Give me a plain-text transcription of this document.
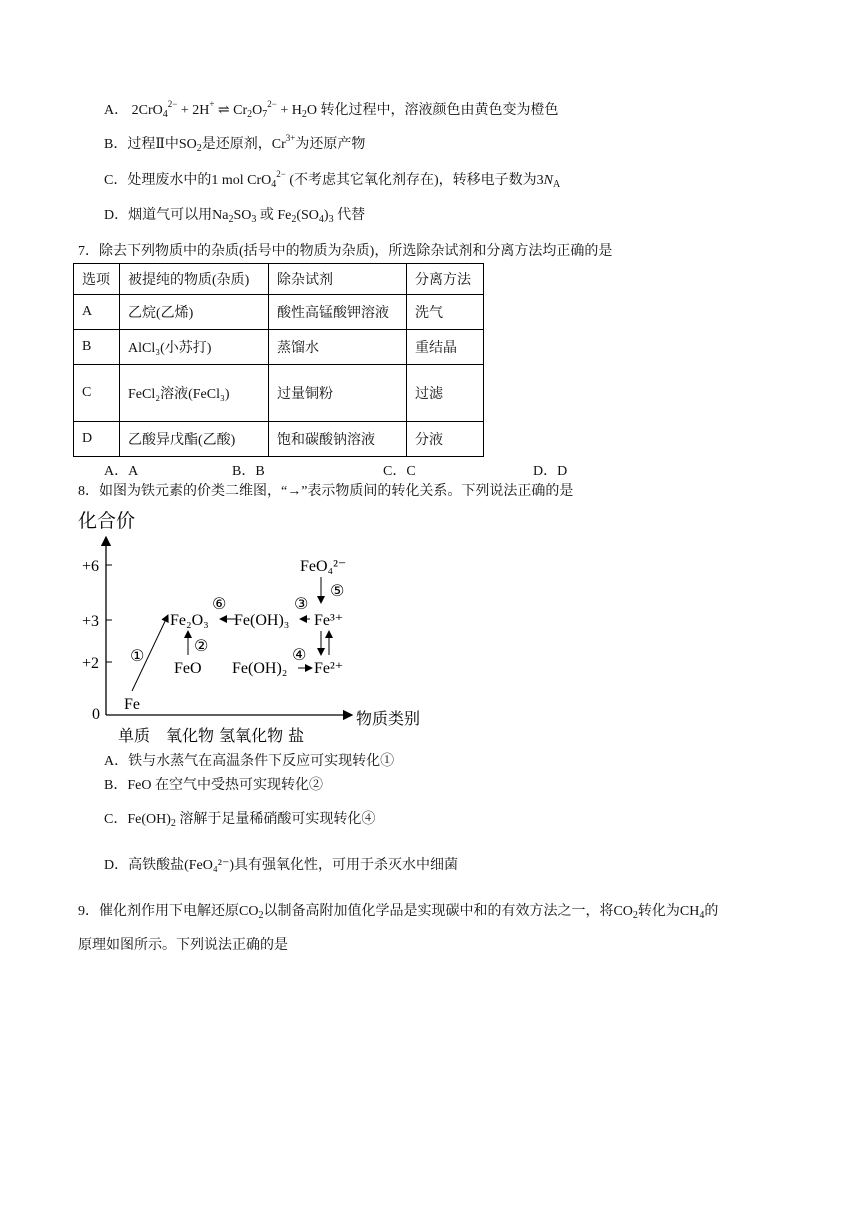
A． 2CrO$_4^{2-}$ + 2H+ ⇌ $Cr_2O_7^{2-} + H_2O$ 转化过程中，溶液颜色由黄色变为橙色
B．过程Ⅱ中$SO_2$是还原剂，$Cr^{3+}$为还原产物
C．处理废水中的1 mol CrO$_4^{2-}$ (不考虑其它氧化剂存在)，转移电子数为$3N_A$
D．烟道气可以用$Na_2SO_3$ 或 $Fe_2(SO_4)_3$ 代替
7．除去下列物质中的杂质(括号中的物质为杂质)，所选除杂试剂和分离方法均正确的是
选项	被提纯的物质(杂质)	除杂试剂	分离方法
A	乙烷(乙烯)	酸性高锰酸钾溶液	洗气
B	AlCl₃(小苏打)	蒸馏水	重结晶
C	FeCl₂溶液(FeCl₃)	过量铜粉	过滤
D	乙酸异戊酯(乙酸)	饱和碳酸钠溶液	分液
A．A	B．B	C．C	D．D
8．如图为铁元素的价类二维图，“→”表示物质间的转化关系。下列说法正确的是
化合价
物质类别
+6
+3
+2
0
单质　氧化物 氢氧化物 盐
Fe
FeO
Fe₂O₃ Fe(OH)₃
Fe(OH)₂
Fe³⁺
Fe²⁺
FeO₄²⁻
①
②
③
④
⑤
⑥
A．铁与水蒸气在高温条件下反应可实现转化①
B．FeO 在空气中受热可实现转化②
C．$Fe(OH)_2$ 溶解于足量稀硝酸可实现转化④
D．高铁酸盐(FeO₄²⁻)具有强氧化性，可用于杀灭水中细菌
9．催化剂作用下电解还原$CO_2$以制备高附加值化学品是实现碳中和的有效方法之一，将$CO_2$转化为$CH_4$的
原理如图所示。下列说法正确的是
